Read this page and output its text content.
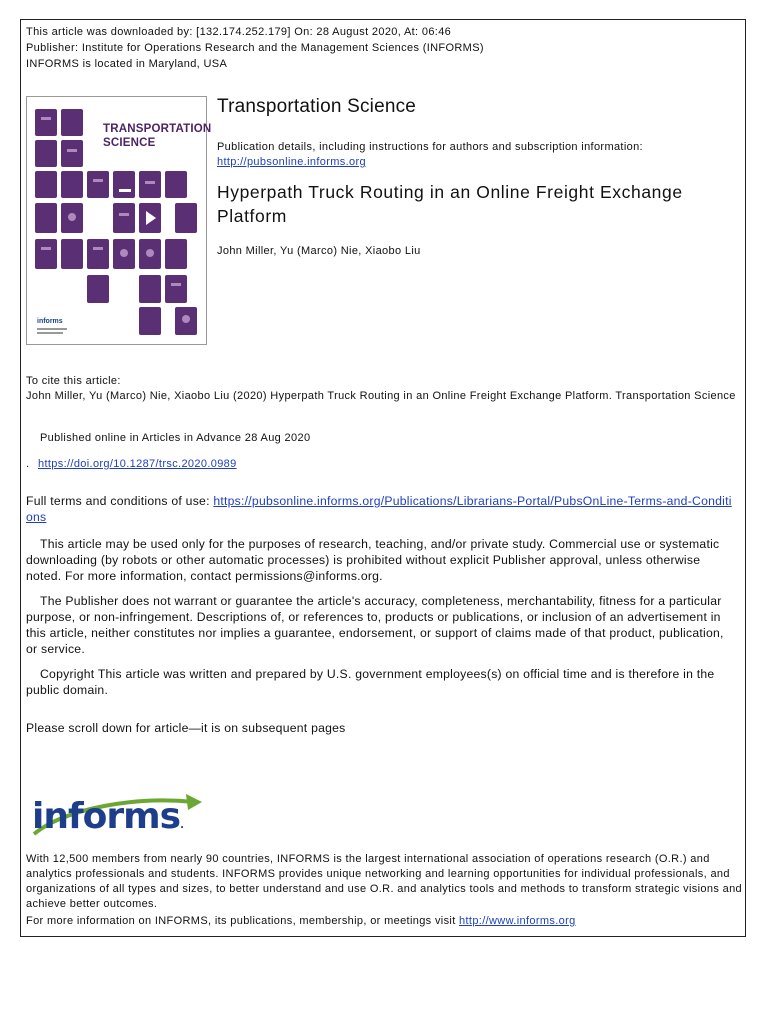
This article was downloaded by: [132.174.252.179] On: 28 August 2020, At: 06:46
Publisher: Institute for Operations Research and the Management Sciences (INFORMS)
INFORMS is located in Maryland, USA
TRANSPORTATION
SCIENCE
informs
Transportation Science
Publication details, including instructions for authors and subscription information:
http://pubsonline.informs.org
Hyperpath Truck Routing in an Online Freight Exchange Platform
John Miller, Yu (Marco) Nie, Xiaobo Liu
To cite this article:
John Miller, Yu (Marco) Nie, Xiaobo Liu (2020) Hyperpath Truck Routing in an Online Freight Exchange Platform. Transportation Science
Published online in Articles in Advance 28 Aug 2020
. https://doi.org/10.1287/trsc.2020.0989
Full terms and conditions of use: https://pubsonline.informs.org/Publications/Librarians-Portal/PubsOnLine-Terms-and-Conditions
This article may be used only for the purposes of research, teaching, and/or private study. Commercial use or systematic downloading (by robots or other automatic processes) is prohibited without explicit Publisher approval, unless otherwise noted. For more information, contact permissions@informs.org.
The Publisher does not warrant or guarantee the article's accuracy, completeness, merchantability, fitness for a particular purpose, or non-infringement. Descriptions of, or references to, products or publications, or inclusion of an advertisement in this article, neither constitutes nor implies a guarantee, endorsement, or support of claims made of that product, publication, or service.
Copyright This article was written and prepared by U.S. government employees(s) on official time and is therefore in the public domain.
Please scroll down for article—it is on subsequent pages
informs.
With 12,500 members from nearly 90 countries, INFORMS is the largest international association of operations research (O.R.) and analytics professionals and students. INFORMS provides unique networking and learning opportunities for individual professionals, and organizations of all types and sizes, to better understand and use O.R. and analytics tools and methods to transform strategic visions and achieve better outcomes.
For more information on INFORMS, its publications, membership, or meetings visit http://www.informs.org
